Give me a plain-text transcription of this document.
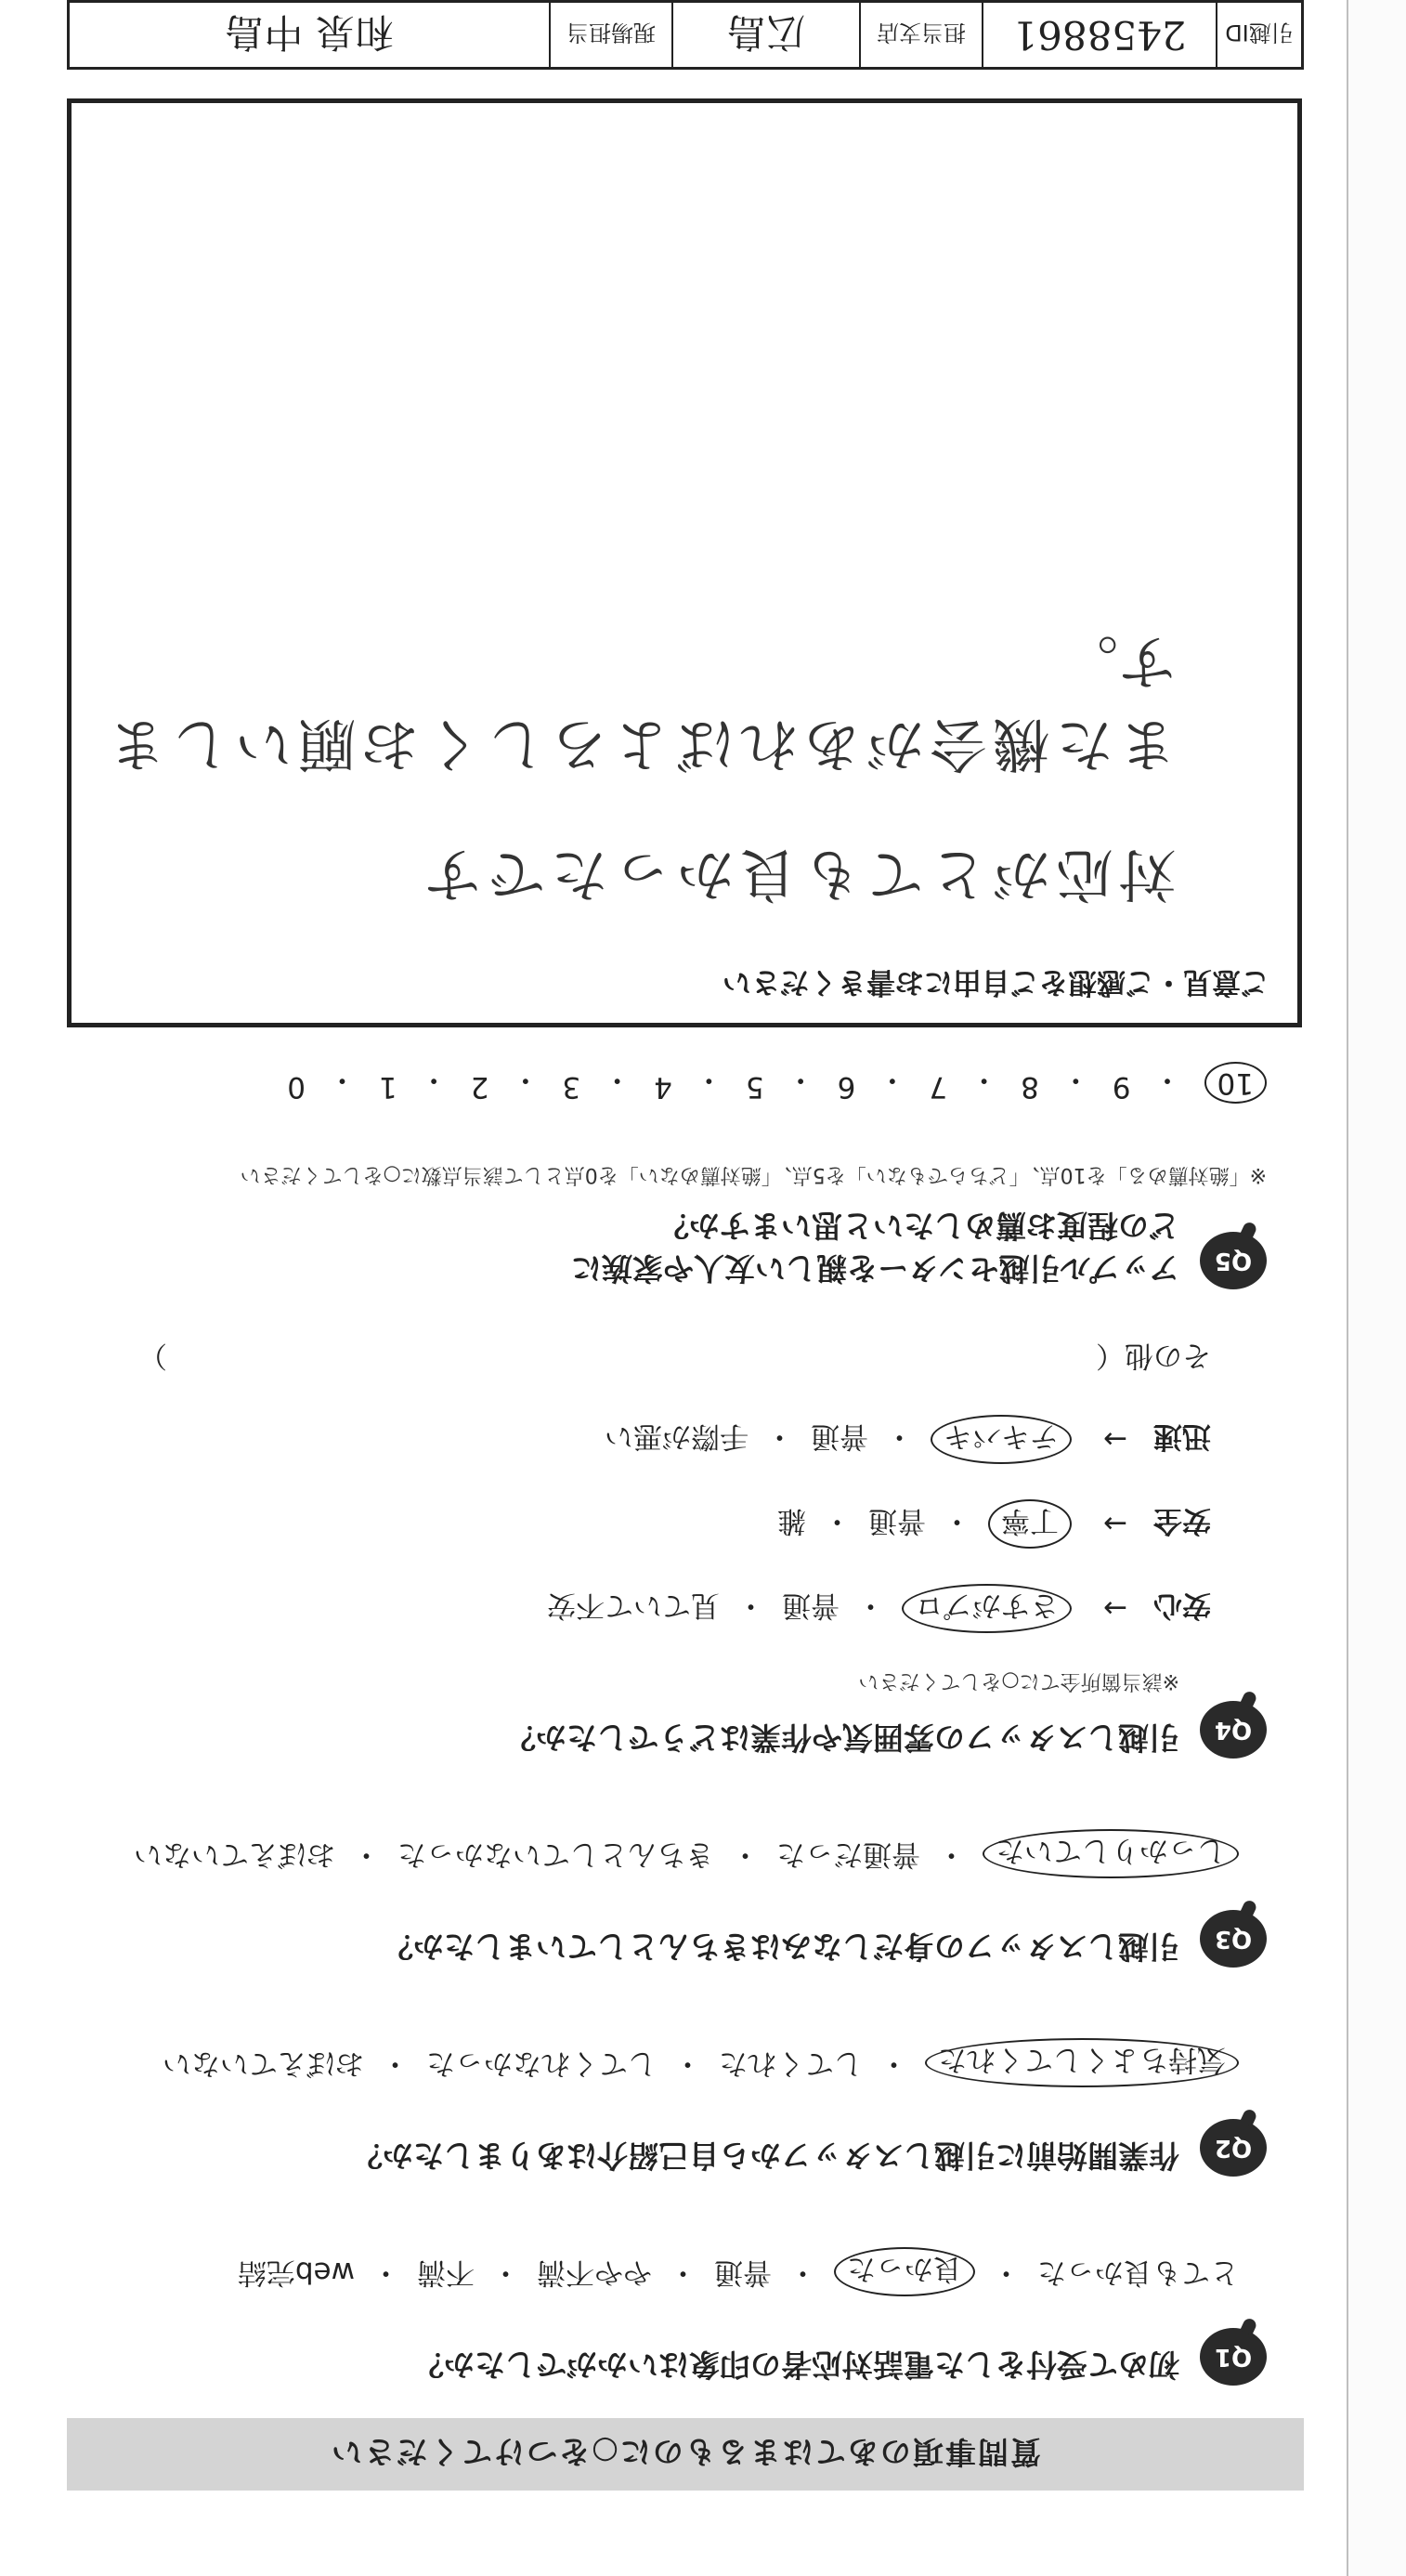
質問事項のあてはまるものに○をつけてください
Q1
初めて受付をした電話対応者の印象はいかがでしたか？
とても良かった
・
良かった
・
普通
・
やや不満
・
不満
・
web完結
Q2
作業開始前に引越しスタッフから自己紹介はありましたか？
気持ちよくしてくれた
・
してくれた
・
してくれなかった
・
おぼえていない
Q3
引越しスタッフの身だしなみはきちんとしていましたか？
しっかりしていた
・
普通だった
・
きちんとしていなかった
・
おぼえていない
Q4
引越しスタッフの雰囲気や作業はどうでしたか？
※該当箇所全てに○をしてください
安心
→
さすがプロ
・
普通
・
見ていて不安
安全
→
丁寧
・
普通
・
雑
迅速
→
テキパキ
・
普通
・
手際が悪い
その他（
）
Q5
アップル引越センターを親しい友人や家族に
どの程度お薦めしたいと思いますか？
※「絶対薦める」を10点、「どちらでもない」を5点、「絶対薦めない」を0点として該当点数に○をしてください
10
・
9
・
8
・
7
・
6
・
5
・
4
・
3
・
2
・
1
・
0
ご意見・ご感想をご自由にお書きください
対応がとても良かったです
また機会があればよろしくお願いします。
引越ID
2458861
担当支店
広島
現場担当
和泉 中島
